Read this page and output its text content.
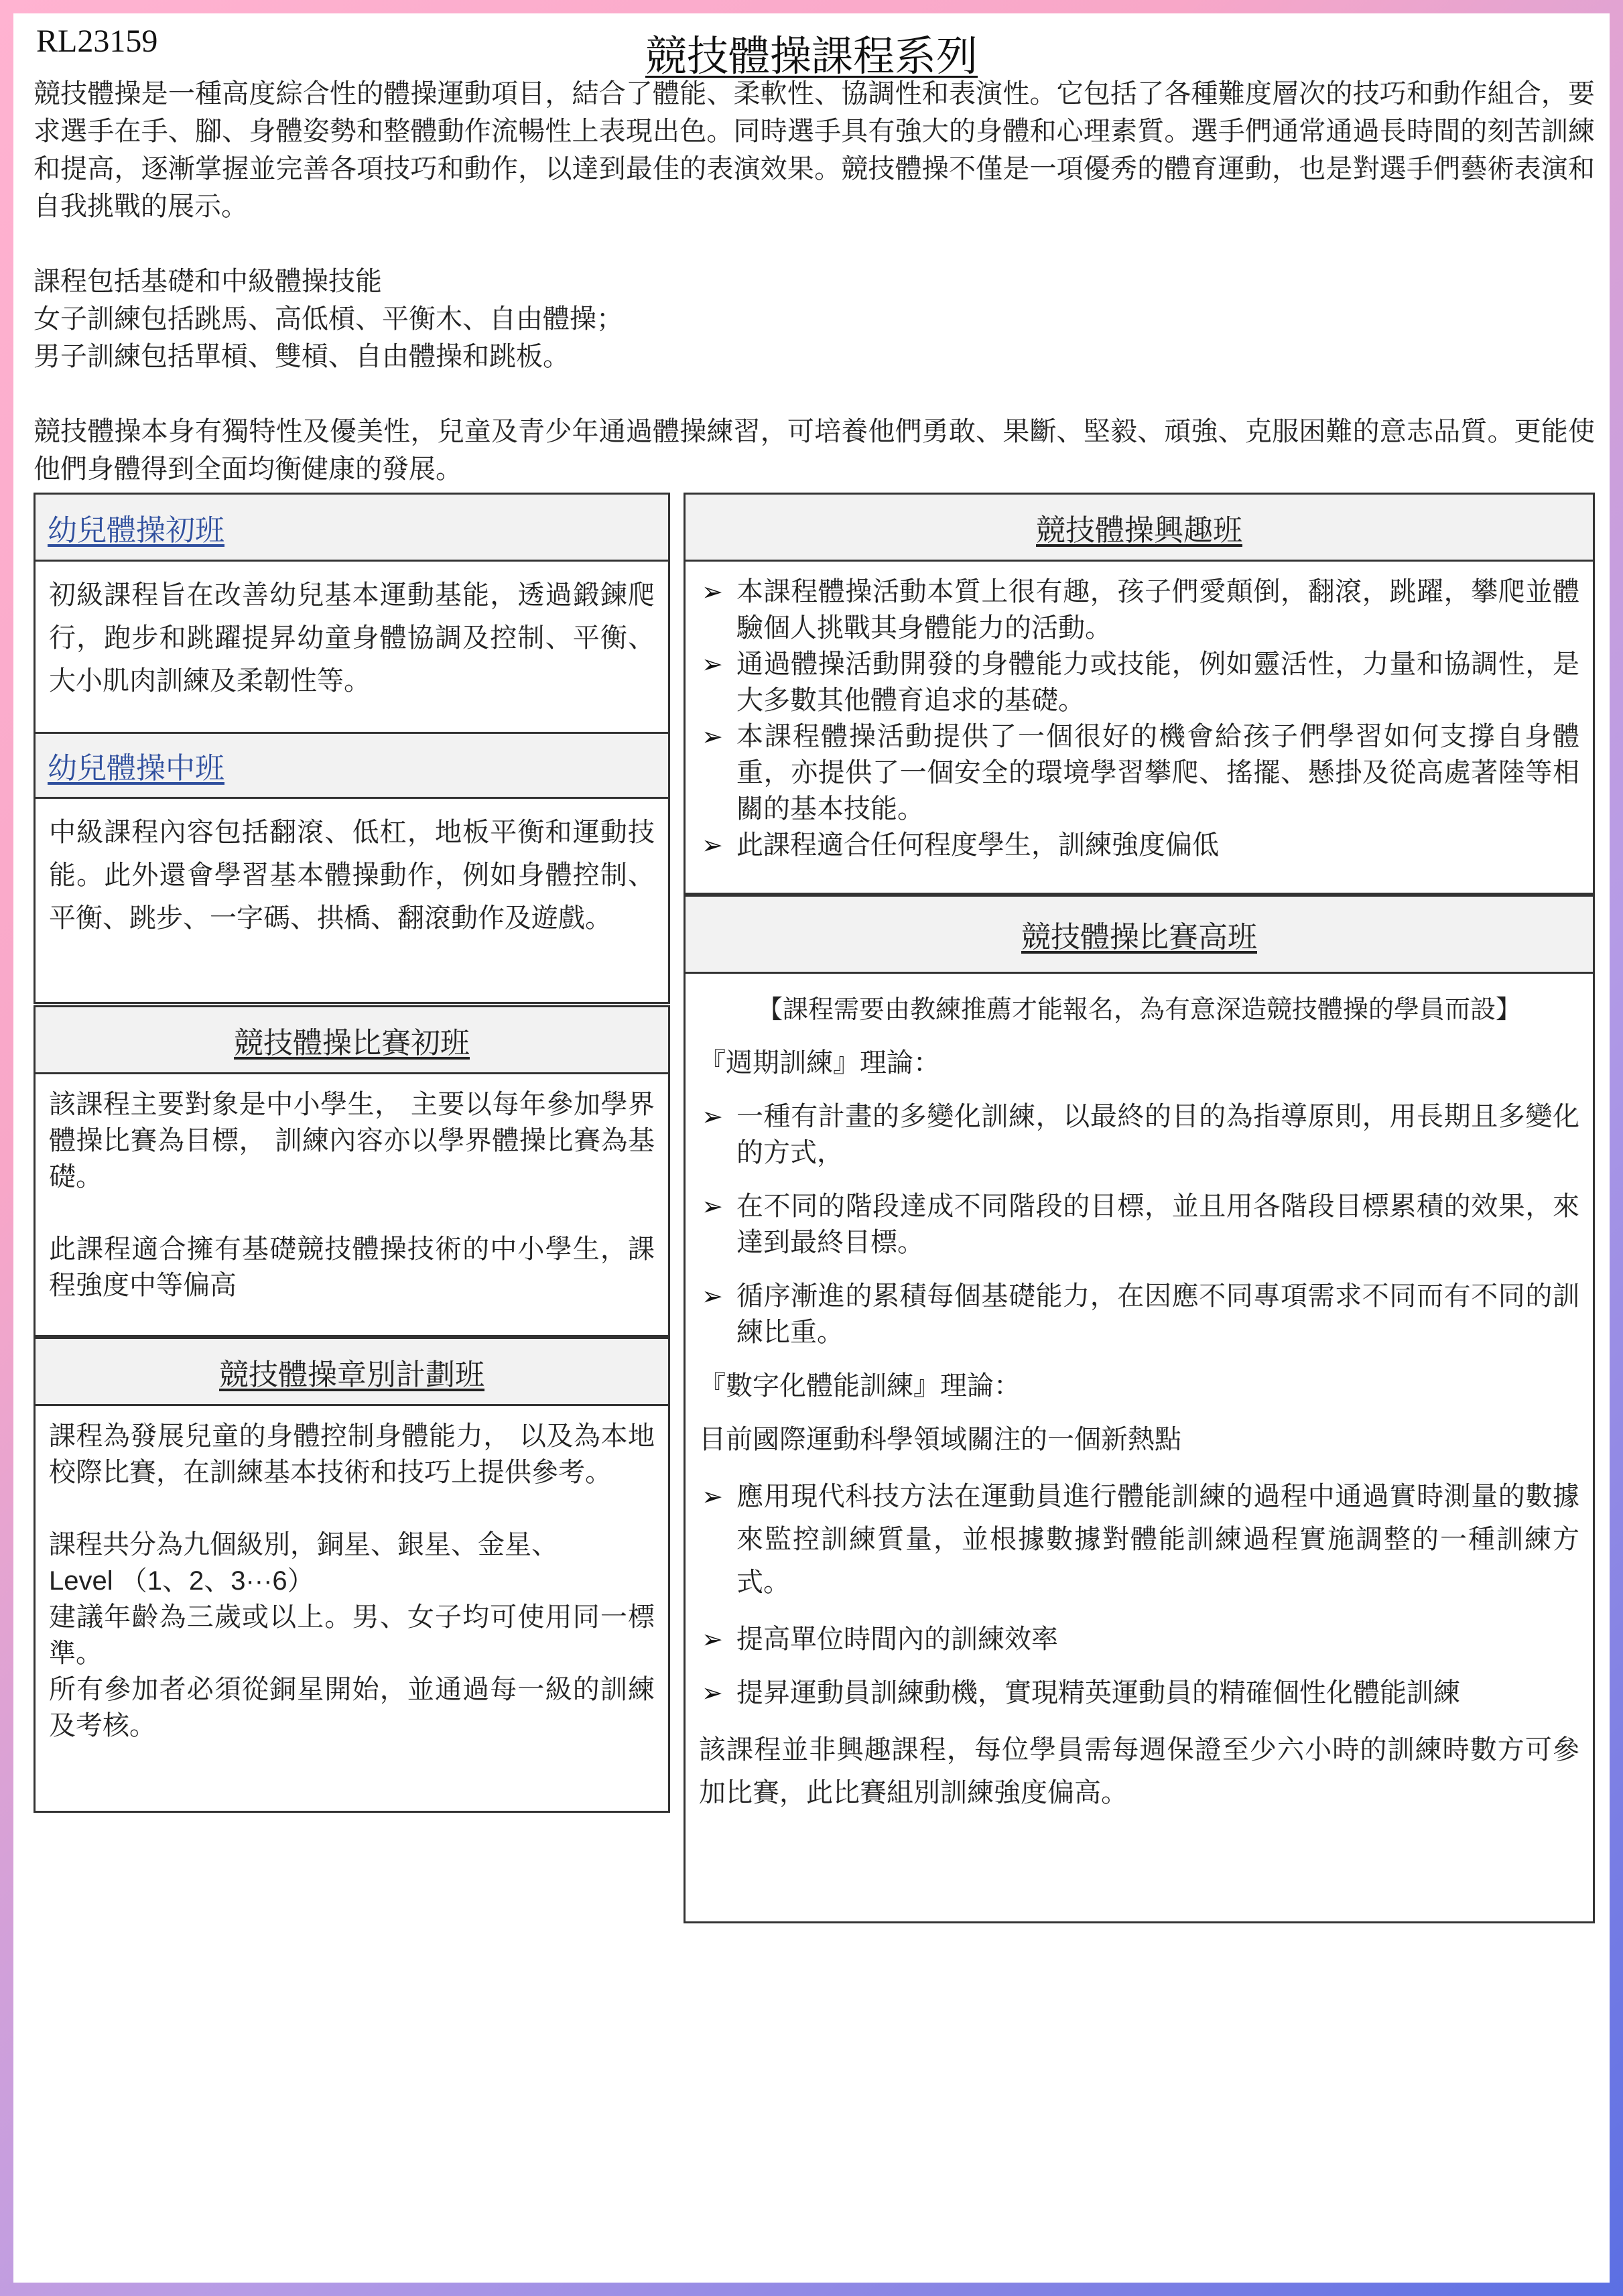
RL23159	競技體操課程系列

競技體操是一種高度綜合性的體操運動項目，結合了體能、柔軟性、協調性和表演性。它包括了各種難度層次的技巧和動作組合，要求選手在手、腳、身體姿勢和整體動作流暢性上表現出色。同時選手具有強大的身體和心理素質。選手們通常通過長時間的刻苦訓練和提高，逐漸掌握並完善各項技巧和動作，以達到最佳的表演效果。競技體操不僅是一項優秀的體育運動，也是對選手們藝術表演和自我挑戰的展示。

課程包括基礎和中級體操技能

女子訓練包括跳馬、高低槓、平衡木、自由體操；

男子訓練包括單槓、雙槓、自由體操和跳板。

競技體操本身有獨特性及優美性，兒童及青少年通過體操練習，可培養他們勇敢、果斷、堅毅、頑強、克服困難的意志品質。更能使他們身體得到全面均衡健康的發展。

幼兒體操初班
初級課程旨在改善幼兒基本運動基能，透過鍛鍊爬行，跑步和跳躍提昇幼童身體協調及控制、平衡、大小肌肉訓練及柔韌性等。
幼兒體操中班
中級課程內容包括翻滾、低杠，地板平衡和運動技能。此外還會學習基本體操動作，例如身體控制、平衡、跳步、一字碼、拱橋、翻滾動作及遊戲。
競技體操比賽初班

該課程主要對象是中小學生， 主要以每年參加學界體操比賽為目標， 訓練內容亦以學界體操比賽為基礎。

此課程適合擁有基礎競技體操技術的中小學生，課程強度中等偏高

競技體操章別計劃班

課程為發展兒童的身體控制身體能力， 以及為本地校際比賽，在訓練基本技術和技巧上提供參考。

課程共分為九個級別，銅星、銀星、金星、

Level （1、2、3···6）

建議年齡為三歲或以上。男、女子均可使用同一標準。

所有參加者必須從銅星開始，並通過每一級的訓練及考核。

競技體操興趣班
➢ 本課程體操活動本質上很有趣，孩子們愛顛倒，翻滾，跳躍，攀爬並體驗個人挑戰其身體能力的活動。
➢ 通過體操活動開發的身體能力或技能，例如靈活性，力量和協調性，是大多數其他體育追求的基礎。
➢ 本課程體操活動提供了一個很好的機會給孩子們學習如何支撐自身體重，亦提供了一個安全的環境學習攀爬、搖擺、懸掛及從高處著陸等相關的基本技能。
➢ 此課程適合任何程度學生，訓練強度偏低
競技體操比賽高班

【課程需要由教練推薦才能報名，為有意深造競技體操的學員而設】

『週期訓練』理論：

➢ 一種有計畫的多變化訓練，以最終的目的為指導原則，用長期且多變化的方式，
➢ 在不同的階段達成不同階段的目標，並且用各階段目標累積的效果，來達到最終目標。
➢ 循序漸進的累積每個基礎能力，在因應不同專項需求不同而有不同的訓練比重。

『數字化體能訓練』理論：

目前國際運動科學領域關注的一個新熱點

➢ 應用現代科技方法在運動員進行體能訓練的過程中通過實時測量的數據來監控訓練質量，並根據數據對體能訓練過程實施調整的一種訓練方式。
➢ 提高單位時間內的訓練效率
➢ 提昇運動員訓練動機，實現精英運動員的精確個性化體能訓練

該課程並非興趣課程，每位學員需每週保證至少六小時的訓練時數方可參加比賽，此比賽組別訓練強度偏高。
